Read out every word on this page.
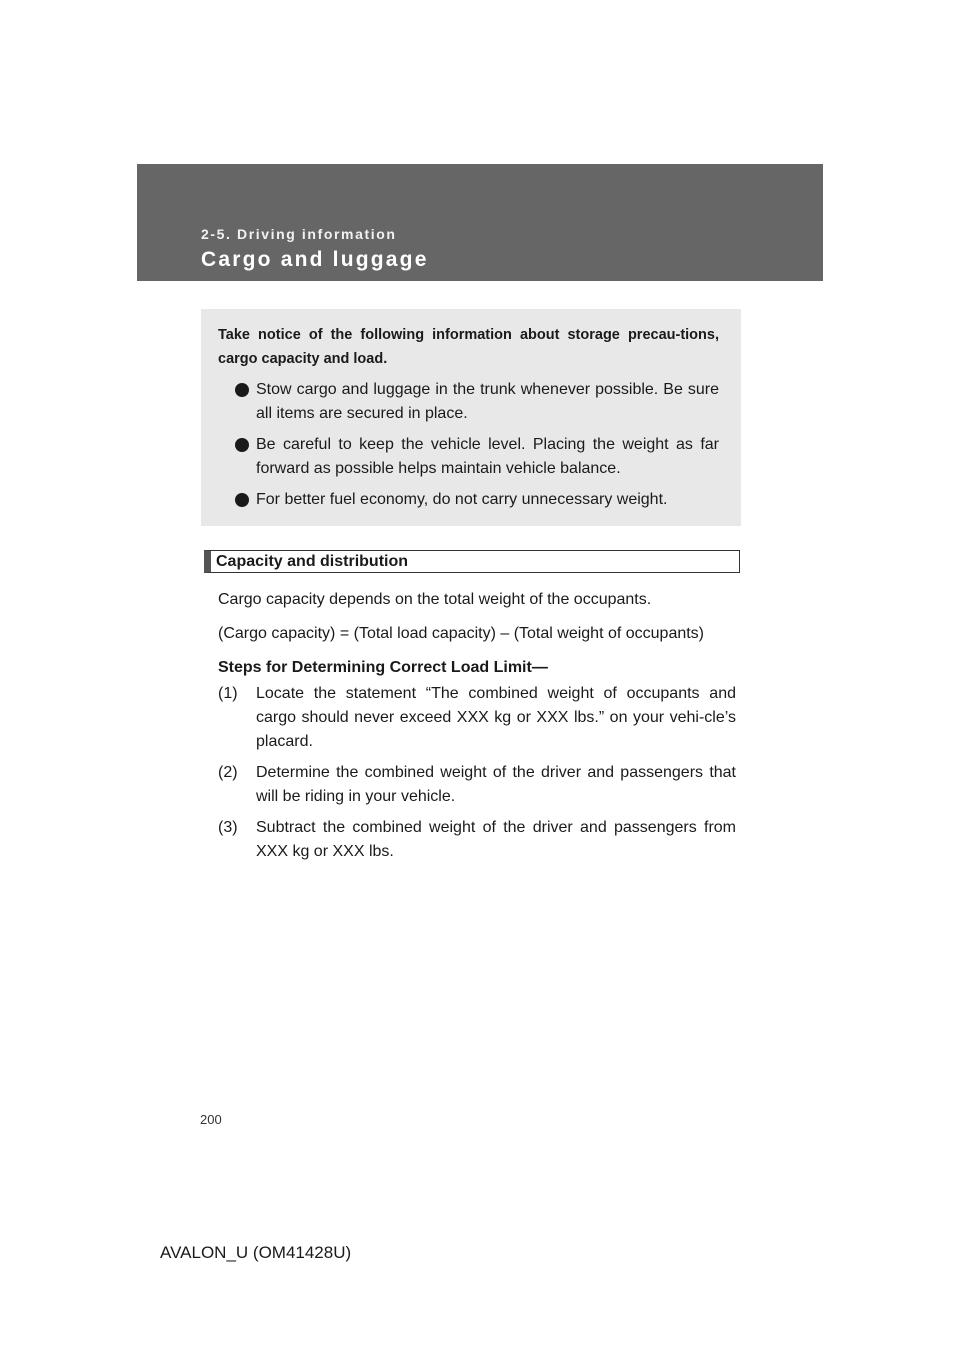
2-5. Driving information
Cargo and luggage

Take notice of the following information about storage precau-tions, cargo capacity and load.

Stow cargo and luggage in the trunk whenever possible. Be sure all items are secured in place.
Be careful to keep the vehicle level. Placing the weight as far forward as possible helps maintain vehicle balance.
For better fuel economy, do not carry unnecessary weight.
Capacity and distribution

Cargo capacity depends on the total weight of the occupants.

(Cargo capacity) = (Total load capacity) – (Total weight of occupants)

Steps for Determining Correct Load Limit—

(1) Locate the statement “The combined weight of occupants and cargo should never exceed XXX kg or XXX lbs.” on your vehi-cle’s placard.
(2) Determine the combined weight of the driver and passengers that will be riding in your vehicle.
(3) Subtract the combined weight of the driver and passengers from XXX kg or XXX lbs.
200
AVALON_U (OM41428U)
